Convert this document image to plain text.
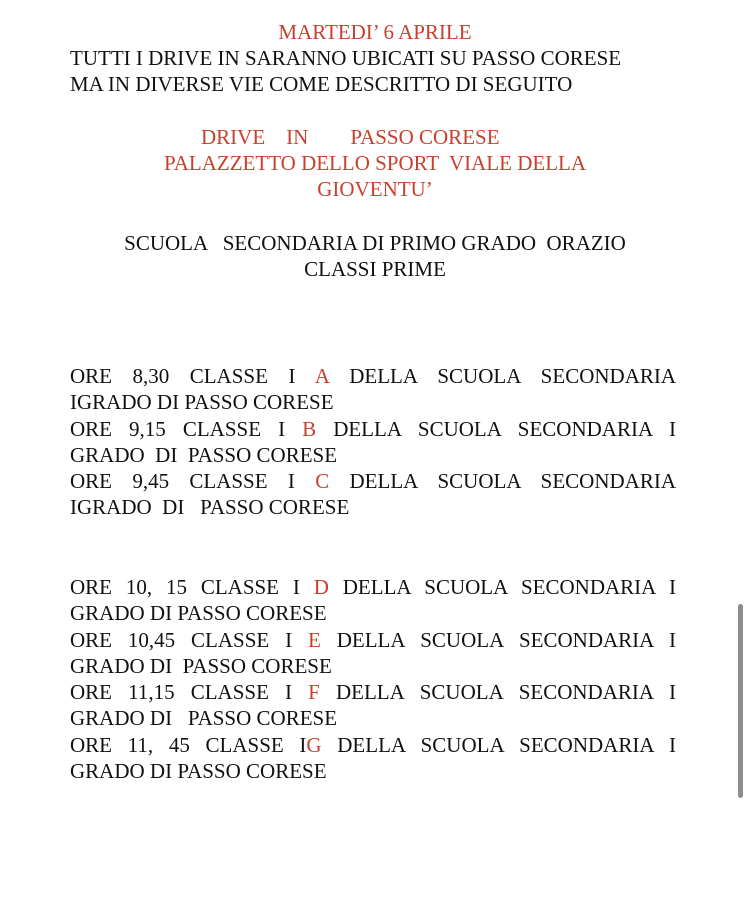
MARTEDI’ 6 APRILE

TUTTI I DRIVE IN SARANNO UBICATI SU PASSO CORESE

MA IN DIVERSE VIE COME DESCRITTO DI SEGUITO

DRIVE    IN        PASSO CORESE

PALAZZETTO DELLO SPORT  VIALE DELLA

GIOVENTU’

SCUOLA   SECONDARIA DI PRIMO GRADO  ORAZIO

CLASSI PRIME

ORE 8,30 CLASSE I A DELLA SCUOLA SECONDARIA

IGRADO DI PASSO CORESE

ORE 9,15 CLASSE I B DELLA SCUOLA SECONDARIA I

GRADO  DI  PASSO CORESE

ORE 9,45 CLASSE I C DELLA SCUOLA SECONDARIA

IGRADO  DI   PASSO CORESE

ORE 10, 15 CLASSE I D DELLA SCUOLA SECONDARIA I

GRADO DI PASSO CORESE

ORE 10,45 CLASSE I E DELLA SCUOLA SECONDARIA I

GRADO DI  PASSO CORESE

ORE 11,15 CLASSE I F DELLA SCUOLA SECONDARIA I

GRADO DI   PASSO CORESE

ORE 11, 45 CLASSE IG DELLA SCUOLA SECONDARIA I

GRADO DI PASSO CORESE
